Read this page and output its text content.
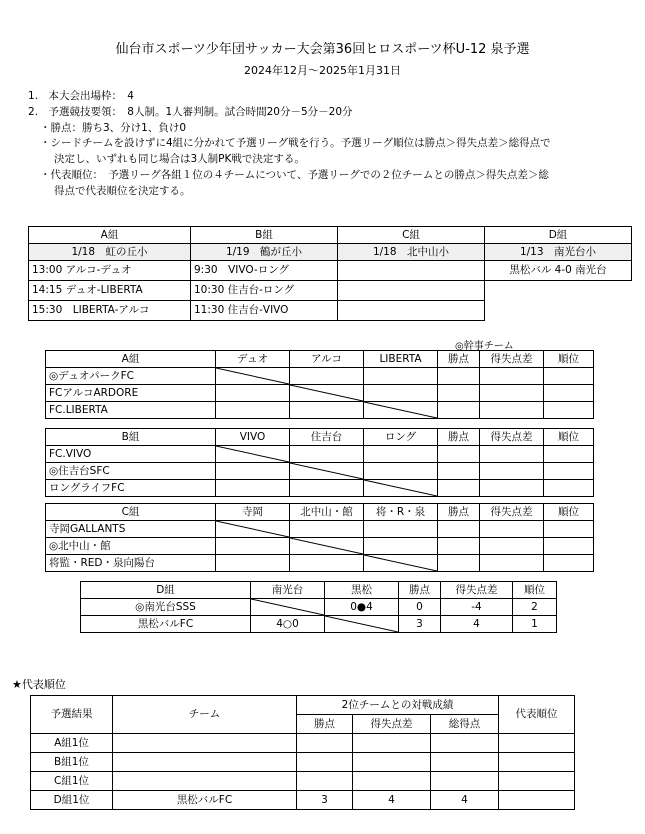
仙台市スポーツ少年団サッカー大会第36回ヒロスポーツ杯U-12 泉予選
2024年12月～2025年1月31日
1.　本大会出場枠：　4
2.　予選競技要領：　8人制。1人審判制。試合時間20分－5分－20分
・勝点：勝ち3、分け1、負け0
・シードチームを設けずに4組に分かれて予選リーグ戦を行う。予選リーグ順位は勝点＞得失点差＞総得点で
決定し、いずれも同じ場合は3人制PK戦で決定する。
・代表順位：　予選リーグ各組１位の４チームについて、予選リーグでの２位チームとの勝点＞得失点差＞総
得点で代表順位を決定する。
A組	B組	C組	D組
1/18　虹の丘小	1/19　鶴が丘小	1/18　北中山小	1/13　南光台小
13:00 アルコ-デュオ	9:30　VIVO-ロング		黒松バル 4-0 南光台
14:15 デュオ-LIBERTA	10:30 住吉台-ロング		
15:30　LIBERTA-アルコ	11:30 住吉台-VIVO		
◎幹事チーム
A組	デュオ	アルコ	LIBERTA	勝点	得失点差	順位
◎デュオパークFC	

FCアルコARDORE		

FC.LIBERTA			

B組	VIVO	住吉台	ロング	勝点	得失点差	順位
FC.VIVO	

◎住吉台SFC		

ロングライフFC			

C組	寺岡	北中山・館	将・R・泉	勝点	得失点差	順位
寺岡GALLANTS	

◎北中山・館		

将監・RED・泉向陽台			

D組	南光台	黒松	勝点	得失点差	順位
◎南光台SSS		0●4	0	-4	2
黒松バルFC	4○0		3	4	1
★代表順位
予選結果	チーム	2位チームとの対戦成績			代表順位
		勝点	得失点差	総得点	
A組1位					
B組1位					
C組1位					
D組1位	黒松バルFC	3	4	4	
